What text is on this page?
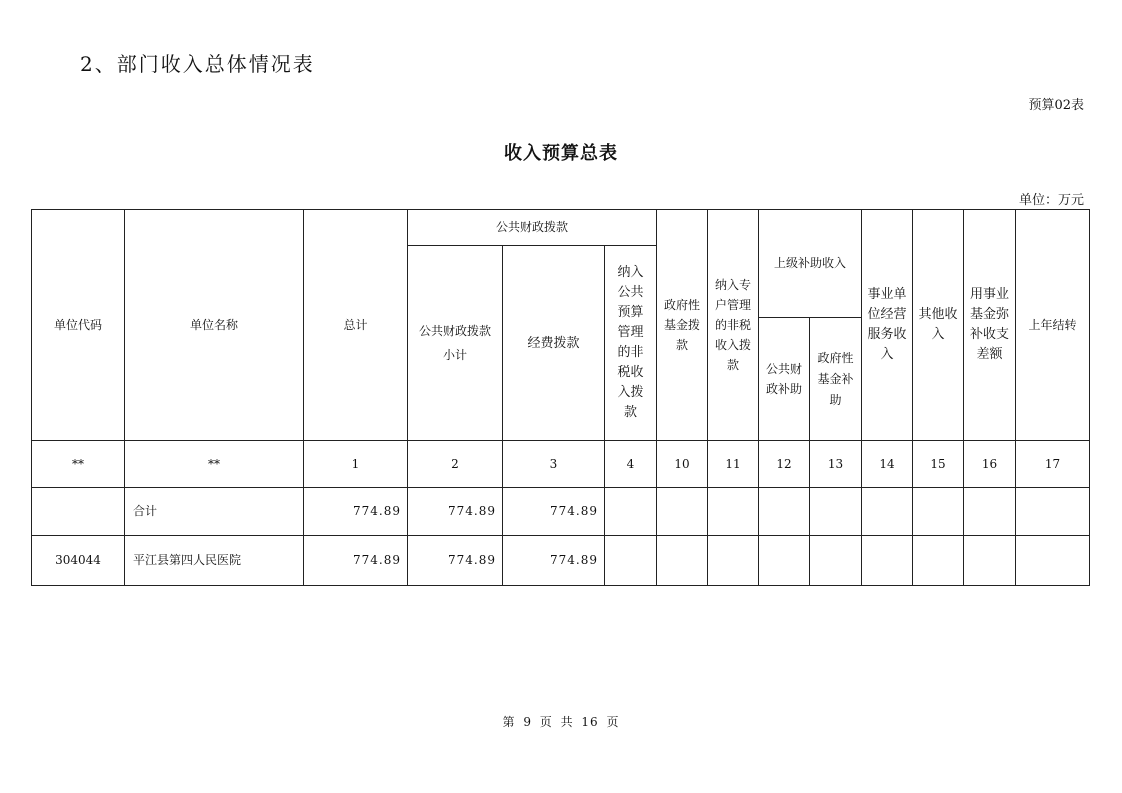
2、部门收入总体情况表
预算02表
收入预算总表
单位：万元
单位代码	单位名称	总计	公共财政拨款			政府性基金拨款	纳入专户管理的非税收入拨款	上级补助收入		事业单位经营服务收入	其他收入	用事业基金弥补收支差额	上年结转
			公共财政拨款小计	经费拨款	纳入公共预算管理的非税收入拨款								
								公共财政补助	政府性基金补助				
**	**	1	2	3	4	10	11	12	13	14	15	16	17
	合计	774.89	774.89	774.89									
304044	平江县第四人民医院	774.89	774.89	774.89									
第 9 页 共 16 页
